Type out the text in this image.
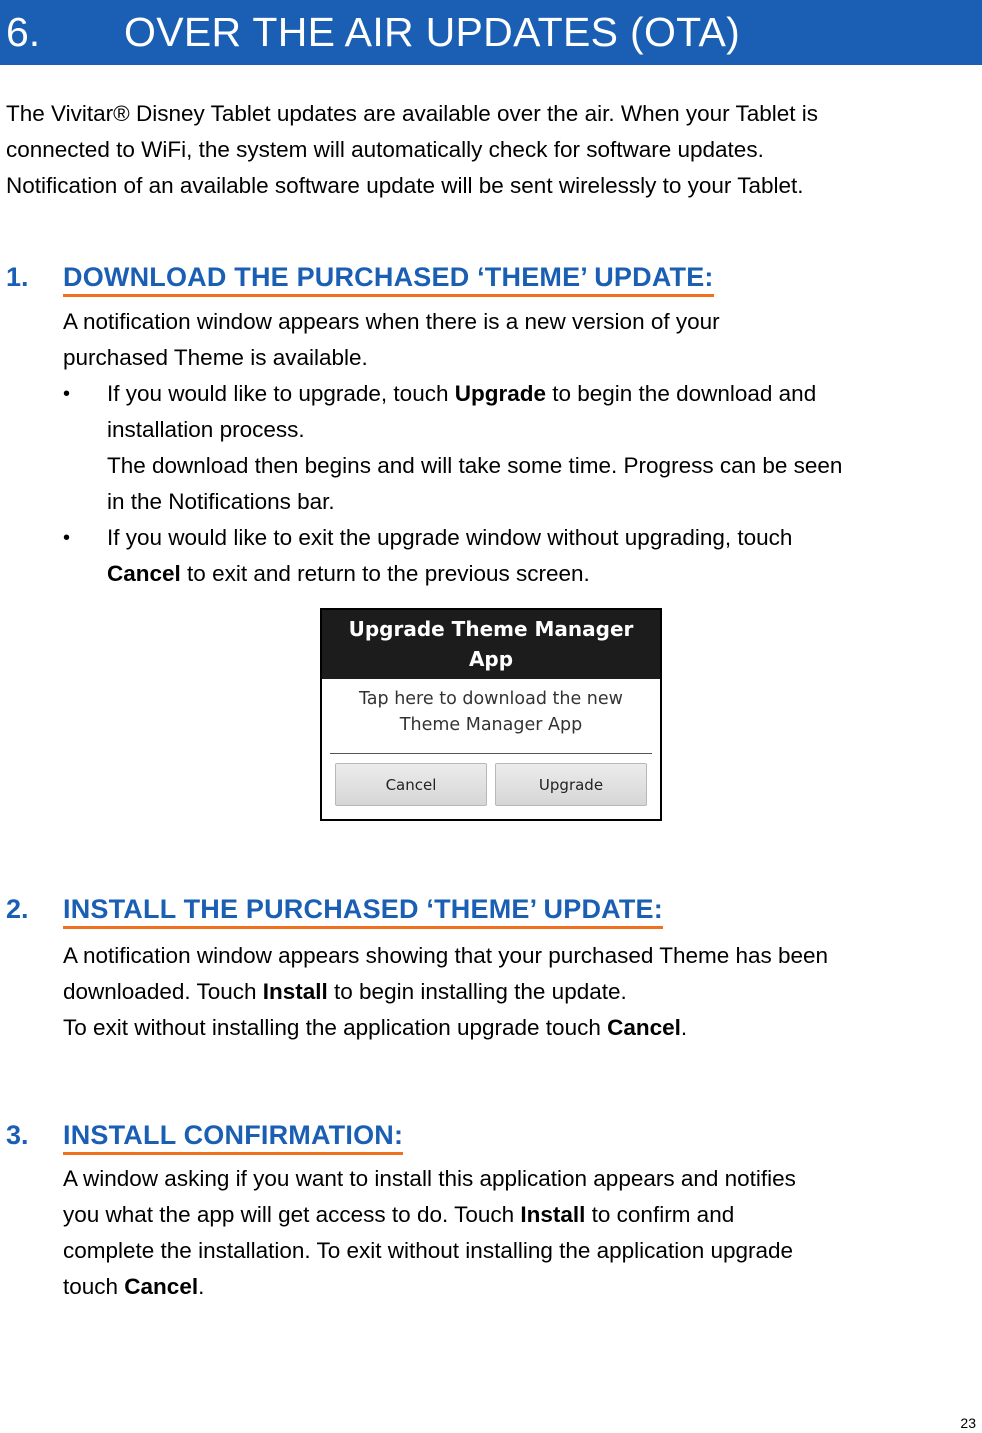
6. OVER THE AIR UPDATES (OTA)
The Vivitar® Disney Tablet updates are available over the air. When your Tablet is
connected to WiFi, the system will automatically check for software updates.
Notification of an available software update will be sent wirelessly to your Tablet.
1. DOWNLOAD THE PURCHASED ‘THEME’ UPDATE:
A notification window appears when there is a new version of your
purchased Theme is available.
•	If you would like to upgrade, touch Upgrade to begin the download and
installation process.
The download then begins and will take some time. Progress can be seen
in the Notifications bar.
•	If you would like to exit the upgrade window without upgrading, touch
Cancel to exit and return to the previous screen.
Upgrade Theme Manager
App
Tap here to download the new
Theme Manager App
Cancel	Upgrade
2. INSTALL THE PURCHASED ‘THEME’ UPDATE:
A notification window appears showing that your purchased Theme has been
downloaded. Touch Install to begin installing the update.
To exit without installing the application upgrade touch Cancel.
3. INSTALL CONFIRMATION:
A window asking if you want to install this application appears and notifies
you what the app will get access to do. Touch Install to confirm and
complete the installation. To exit without installing the application upgrade
touch Cancel.
23
